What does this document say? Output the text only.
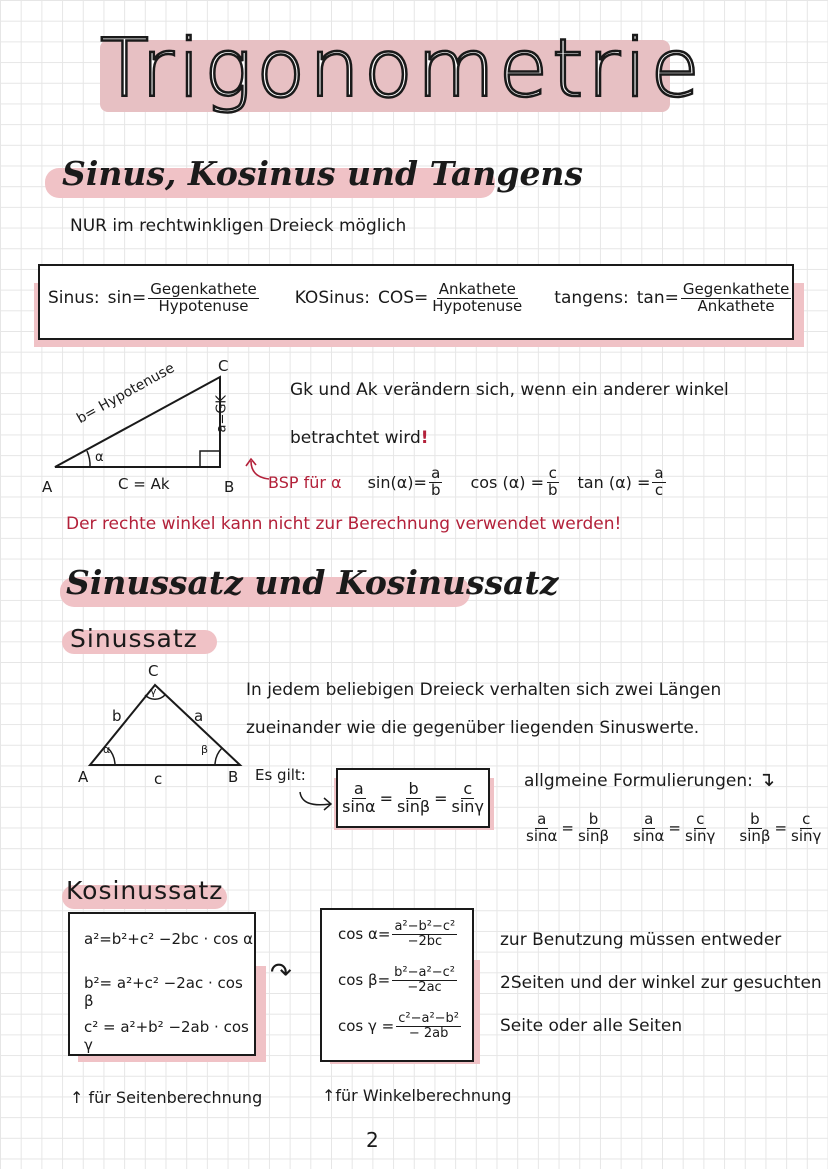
Trigonometrie
Sinus, Kosinus und Tangens
NUR im rechtwinkligen Dreieck möglich
Sinus: $\sin= \frac{\text{Gegenkathete}}{\text{Hypotenuse}}$ KOSinus: $COS= \frac{\text{Ankathete}}{\text{Hypotenuse}}$ tangens: $\tan= \frac{\text{Gegenkathete}}{\text{Ankathete}}$
C
A	B
C = Ak
b= Hypotenuse	a=GK
α
Gk und Ak verändern sich, wenn ein anderer winkel
betrachtet wird!
BSP für α $\sin(\alpha)= \frac{a}{b}$ $\cos (\alpha) = \frac{c}{b}$ $\tan (\alpha) = \frac{a}{c}$
Der rechte winkel kann nicht zur Berechnung verwendet werden!
Sinussatz und Kosinussatz
Sinussatz
C
A	B
b	a
c
α	β
γ	In jedem beliebigen Dreieck verhalten sich zwei Längen
zueinander wie die gegenüber liegenden Sinuswerte.
Es gilt:
$\frac{a}{\sin\alpha} = \frac{b}{\sin\beta} = \frac{c}{\sin\gamma}$ allgmeine Formulierungen: ↴
$\frac{a}{\sin\alpha} = \frac{b}{\sin\beta} \frac{a}{\sin\alpha} = \frac{c}{\sin\gamma} \frac{b}{\sin\beta} = \frac{c}{\sin\gamma}$
Kosinussatz
a²=b²+c² −2bc · cos α
b²= a²+c² −2ac · cos β
c² = a²+b² −2ab · cos γ
↷
$\cos \alpha= \frac{\text{a²−b²−c²}}{-2bc}$
$\cos \beta= \frac{\text{b²−a²−c²}}{-2ac}$
$\cos \gamma = \frac{\text{c²−a²−b²}}{- 2ab}$
zur Benutzung müssen entweder
2Seiten und der winkel zur gesuchten
Seite oder alle Seiten
↑ für Seitenberechnung	↑für Winkelberechnung
2
